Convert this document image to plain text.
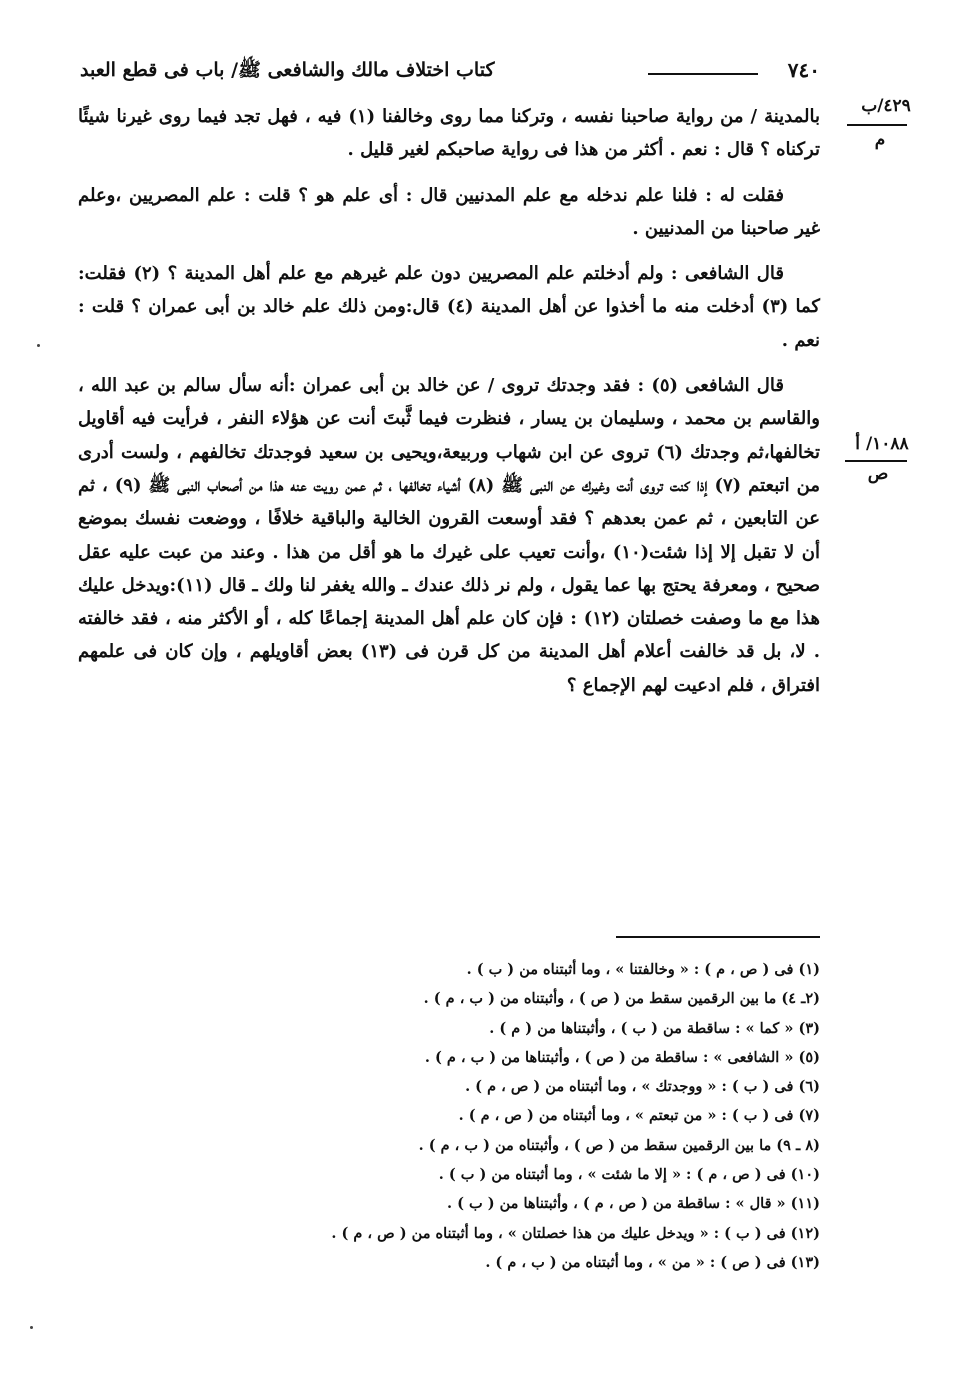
٧٤٠
كتاب اختلاف مالك والشافعى ﷺ/ باب فى قطع العبد
٤٢٩/ب
م
١٠٨٨/ أ
ص

بالمدينة / من رواية صاحبنا نفسه ، وتركنا مما روى وخالفنا (١) فيه ، فهل تجد فيما روى غيرنا شيئًا تركناه ؟ قال : نعم . أكثر من هذا فى رواية صاحبكم لغير قليل .

فقلت له : فلنا علم ندخله مع علم المدنيين قال : أى علم هو ؟ قلت : علم المصريين ،وعلم غير صاحبنا من المدنيين .

قال الشافعى : ولم أدخلتم علم المصريين دون علم غيرهم مع علم أهل المدينة ؟ (٢) فقلت: كما (٣) أدخلت منه ما أخذوا عن أهل المدينة (٤) قال:ومن ذلك علم خالد بن أبى عمران ؟ قلت : نعم .

قال الشافعى (٥) : فقد وجدتك تروى / عن خالد بن أبى عمران :أنه سأل سالم بن عبد الله ، والقاسم بن محمد ، وسليمان بن يسار ، فنظرت فيما ثَّبتَ أنت عن هؤلاء النفر ، فرأيت فيه أقاويل تخالفها،ثم وجدتك (٦) تروى عن ابن شهاب وربيعة،ويحيى بن سعيد فوجدتك تخالفهم ، ولست أدرى من اتبعتم (٧) إذا كنت تروى أنت وغيرك عن النبى ﷺ (٨) أشياء تخالفها ، ثم عمن رويت عنه هذا من أصحاب النبى ﷺ (٩) ، ثم عن التابعين ، ثم عمن بعدهم ؟ فقد أوسعت القرون الخالية والباقية خلافًا ، ووضعت نفسك بموضع أن لا تقبل إلا إذا شئت(١٠) ،وأنت تعيب على غيرك ما هو أقل من هذا . وعند من عبت عليه عقل صحيح ، ومعرفة يحتج بها عما يقول ، ولم نر ذلك عندك ـ والله يغفر لنا ولك ـ قال (١١):ويدخل عليك هذا مع ما وصفت خصلتان (١٢) : فإن كان علم أهل المدينة إجماعًا كله ، أو الأكثر منه ، فقد خالفته . لا، بل قد خالفت أعلام أهل المدينة من كل قرن فى (١٣) بعض أقاويلهم ، وإن كان فى علمهم افتراق ، فلم ادعيت لهم الإجماع ؟

(١) فى ( ص ، م ) : « وخالفتنا » ، وما أثبتناه من ( ب ) .
(٢ـ ٤) ما بين الرقمين سقط من ( ص ) ، وأثبتناه من ( ب ، م ) .
(٣) « كما » : ساقطة من ( ب ) ، وأثبتناها من ( م ) .
(٥) « الشافعى » : ساقطة من ( ص ) ، وأثبتناها من ( ب ، م ) .
(٦) فى ( ب ) : « ووجدتك » ، وما أثبتناه من ( ص ، م ) .
(٧) فى ( ب ) : « من تبعتم » ، وما أثبتناه من ( ص ، م ) .
(٨ ـ ٩) ما بين الرقمين سقط من ( ص ) ، وأثبتناه من ( ب ، م ) .
(١٠) فى ( ص ، م ) : « إلا ما شئت » ، وما أثبتناه من ( ب ) .
(١١) « قال » : ساقطة من ( ص ، م ) ، وأثبتناها من ( ب ) .
(١٢) فى ( ب ) : « ويدخل عليك من هذا خصلتان » ، وما أثبتناه من ( ص ، م ) .
(١٣) فى ( ص ) : « من » ، وما أثبتناه من ( ب ، م ) .
